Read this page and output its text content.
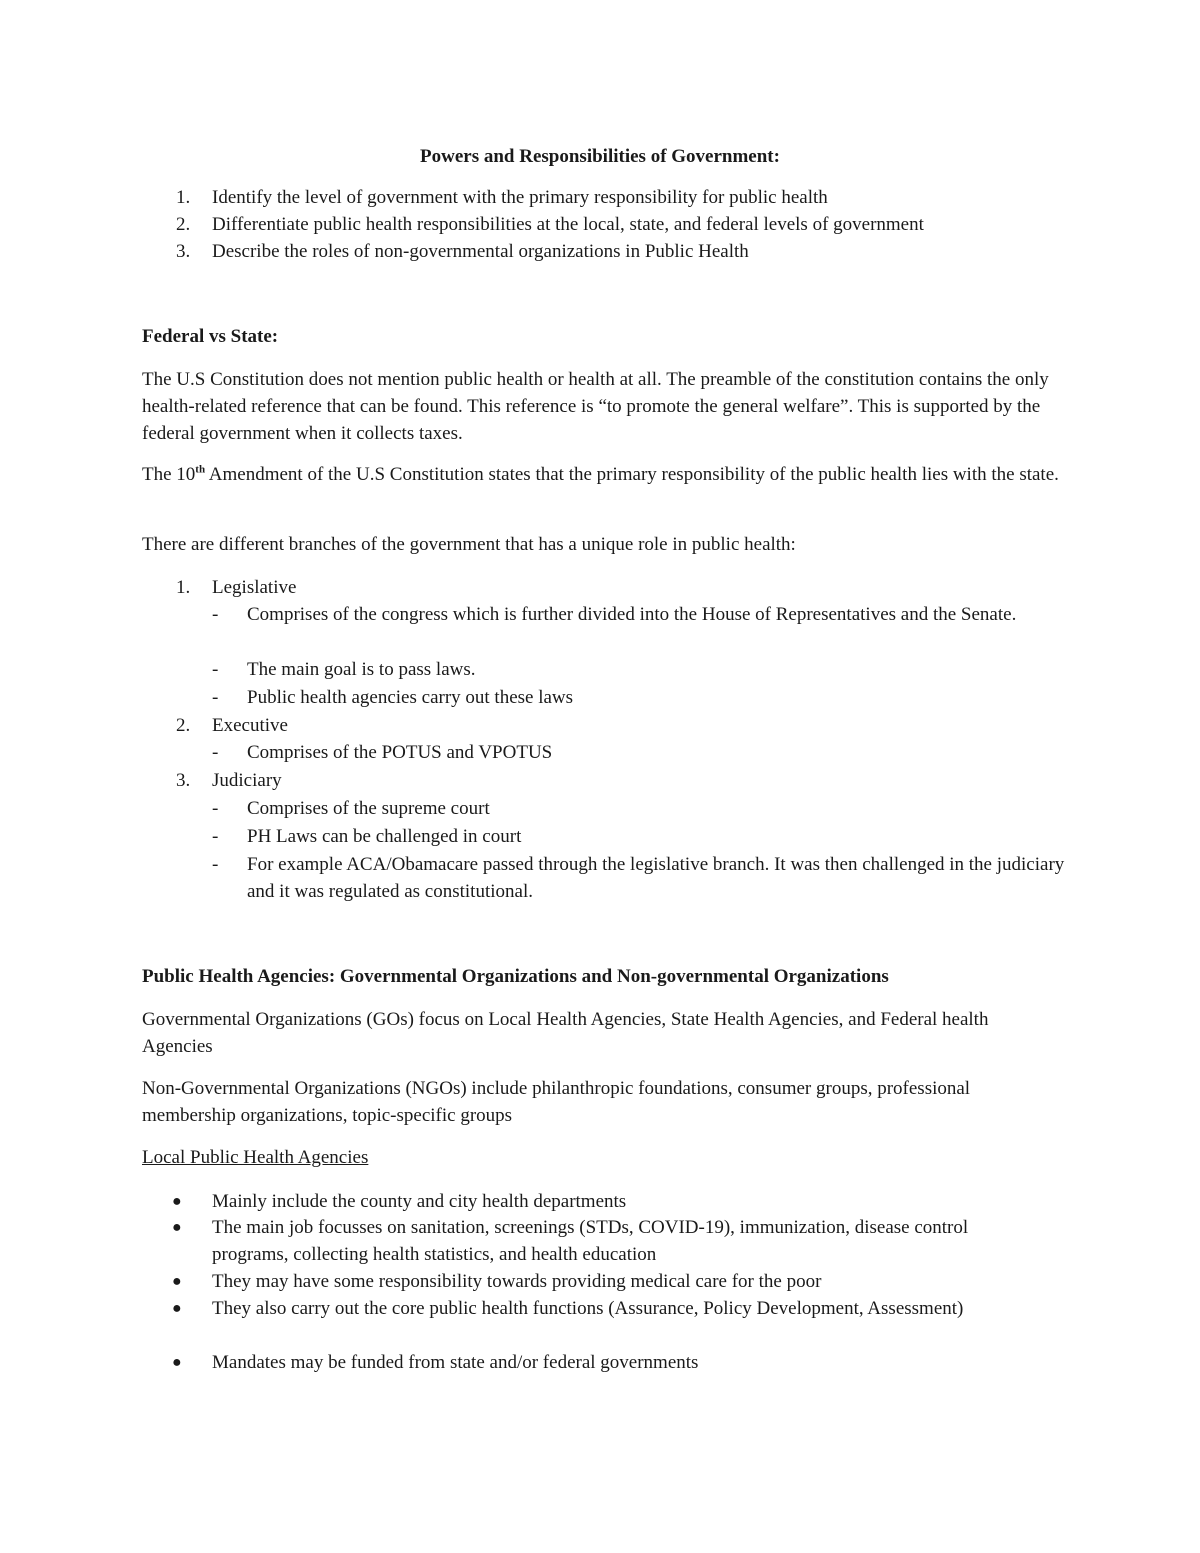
Powers and Responsibilities of Government:

1.	Identify the level of government with the primary responsibility for public health
2.	Differentiate public health responsibilities at the local, state, and federal levels of government
3.	Describe the roles of non-governmental organizations in Public Health

Federal vs State:

The U.S Constitution does not mention public health or health at all. The preamble of the constitution contains the only health-related reference that can be found. This reference is “to promote the general welfare”. This is supported by the federal government when it collects taxes.

The 10th Amendment of the U.S Constitution states that the primary responsibility of the public health lies with the state.

There are different branches of the government that has a unique role in public health:

1.	Legislative
-	Comprises of the congress which is further divided into the House of Representatives and the Senate.
-	The main goal is to pass laws.
-	Public health agencies carry out these laws
2.	Executive
-	Comprises of the POTUS and VPOTUS
3.	Judiciary
-	Comprises of the supreme court
-	PH Laws can be challenged in court
-	For example ACA/Obamacare passed through the legislative branch. It was then challenged in the judiciary and it was regulated as constitutional.

Public Health Agencies: Governmental Organizations and Non-governmental Organizations

Governmental Organizations (GOs) focus on Local Health Agencies, State Health Agencies, and Federal health Agencies

Non-Governmental Organizations (NGOs) include philanthropic foundations, consumer groups, professional membership organizations, topic-specific groups

Local Public Health Agencies

●	Mainly include the county and city health departments
●	The main job focusses on sanitation, screenings (STDs, COVID-19), immunization, disease control programs, collecting health statistics, and health education
●	They may have some responsibility towards providing medical care for the poor
●	They also carry out the core public health functions (Assurance, Policy Development, Assessment)
●	Mandates may be funded from state and/or federal governments
